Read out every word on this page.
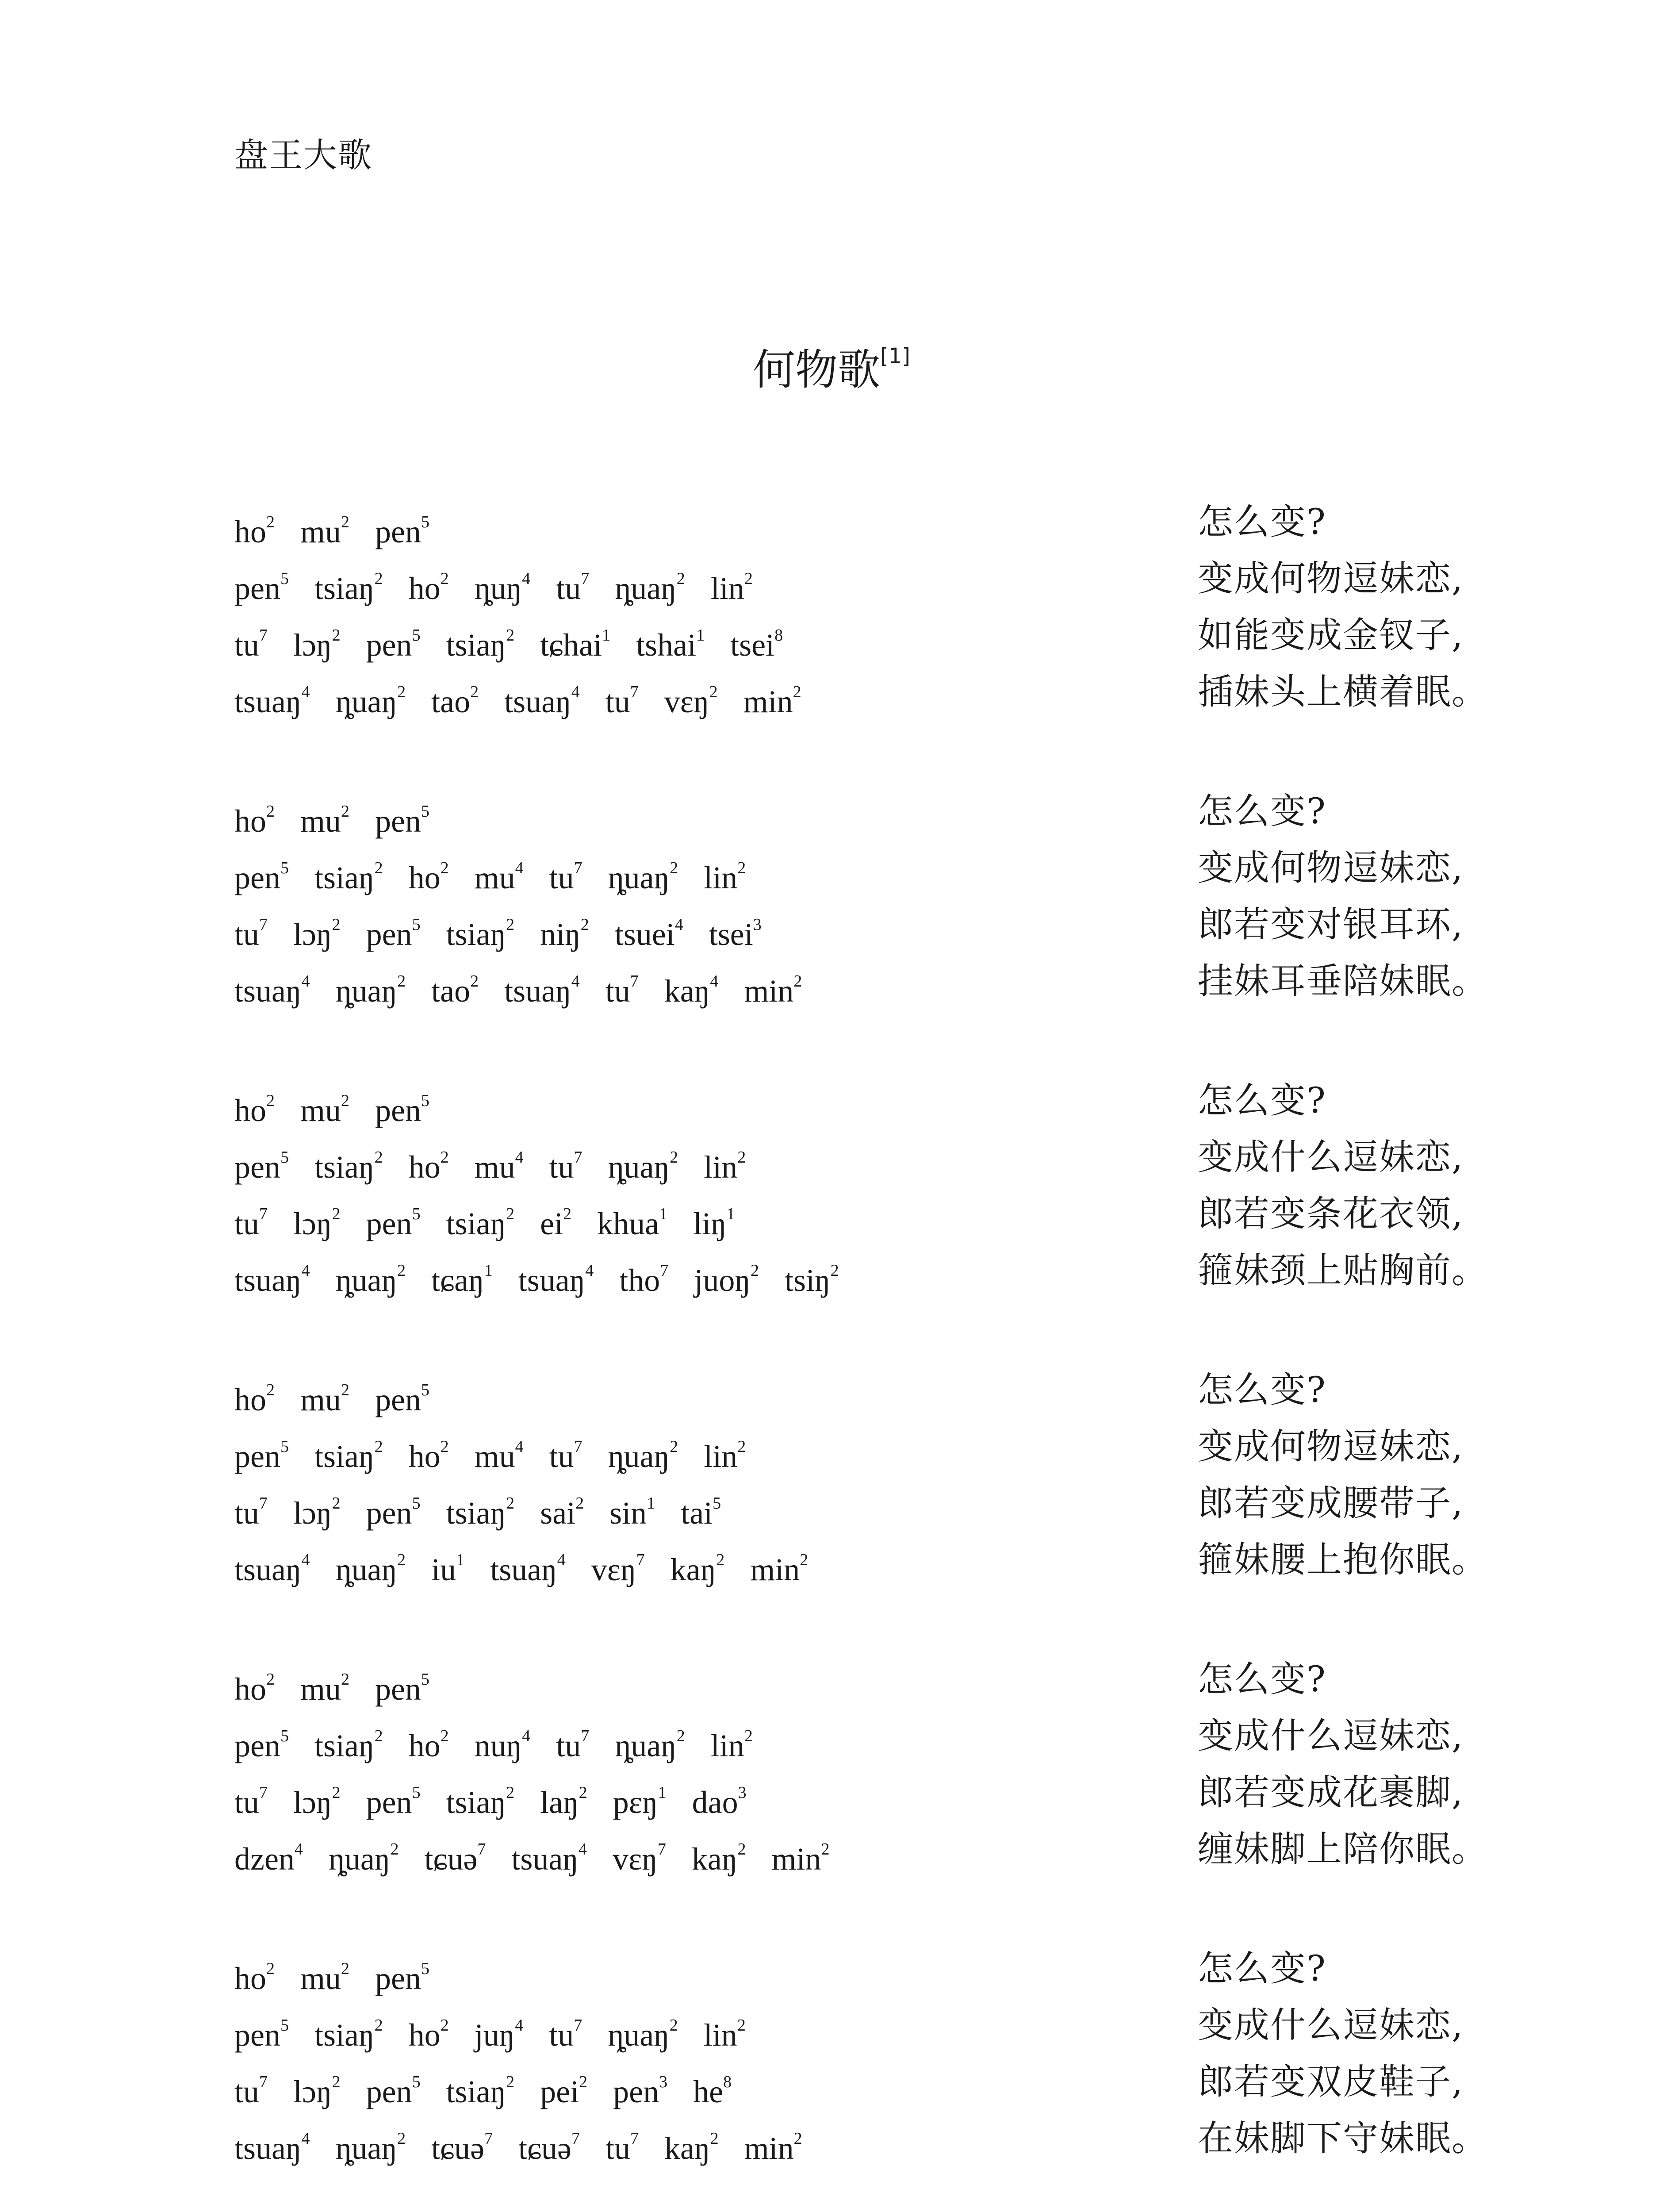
盘王大歌
何物歌[1]
$ho^2$ $mu^2$ pen$^5$	怎么变?
pen$^5$ tsiaŋ$^2$ $ho^2$ ȵuŋ$^4$ $tu^7$ ȵuaŋ$^2$ lin$^2$	变成何物逗妹恋,
$tu^7$ lɔŋ$^2$ pen$^5$ tsiaŋ$^2$ tɕhai$^1$ tshai$^1$ tsei$^8$	如能变成金钗子,
tsuaŋ$^4$ ȵuaŋ$^2$ tao$^2$ tsuaŋ$^4$ $tu^7$ vɛŋ$^2$ $\min^2$	插妹头上横着眠。
$ho^2$ $mu^2$ pen$^5$	怎么变?
pen$^5$ tsiaŋ$^2$ $ho^2$ $mu^4$ $tu^7$ ȵuaŋ$^2$ lin$^2$	变成何物逗妹恋,
$tu^7$ lɔŋ$^2$ pen$^5$ tsiaŋ$^2$ niŋ$^2$ tsuei$^4$ tsei$^3$	郎若变对银耳环,
tsuaŋ$^4$ ȵuaŋ$^2$ tao$^2$ tsuaŋ$^4$ $tu^7$ kaŋ$^4$ $\min^2$	挂妹耳垂陪妹眠。
$ho^2$ $mu^2$ pen$^5$	怎么变?
pen$^5$ tsiaŋ$^2$ $ho^2$ $mu^4$ $tu^7$ ȵuaŋ$^2$ lin$^2$	变成什么逗妹恋,
$tu^7$ lɔŋ$^2$ pen$^5$ tsiaŋ$^2$ $ei^2$ khua$^1$ liŋ$^1$	郎若变条花衣领,
tsuaŋ$^4$ ȵuaŋ$^2$ tɕaŋ$^1$ tsuaŋ$^4$ tho$^7$ juoŋ$^2$ tsiŋ$^2$	箍妹颈上贴胸前。
$ho^2$ $mu^2$ pen$^5$	怎么变?
pen$^5$ tsiaŋ$^2$ $ho^2$ $mu^4$ $tu^7$ ȵuaŋ$^2$ lin$^2$	变成何物逗妹恋,
$tu^7$ lɔŋ$^2$ pen$^5$ tsiaŋ$^2$ sai$^2$ $\sin^1 tai^5$	郎若变成腰带子,
tsuaŋ$^4$ ȵuaŋ$^2$ $iu^1$ tsuaŋ$^4$ vɛŋ$^7$ kaŋ$^2$ $\min^2$	箍妹腰上抱你眠。
$ho^2$ $mu^2$ pen$^5$	怎么变?
pen$^5$ tsiaŋ$^2$ $ho^2$ nuŋ$^4$ $tu^7$ ȵuaŋ$^2$ lin$^2$	变成什么逗妹恋,
$tu^7$ lɔŋ$^2$ pen$^5$ tsiaŋ$^2$ laŋ$^2$ pɛŋ$^1$ dao$^3$	郎若变成花裹脚,
dzen$^4$ ȵuaŋ$^2$ tɕuə$^7$ tsuaŋ$^4$ vɛŋ$^7$ kaŋ$^2$ $\min^2$	缠妹脚上陪你眠。
$ho^2$ $mu^2$ pen$^5$	怎么变?
pen$^5$ tsiaŋ$^2$ $ho^2$ juŋ$^4$ $tu^7$ ȵuaŋ$^2$ lin$^2$	变成什么逗妹恋,
$tu^7$ lɔŋ$^2$ pen$^5$ tsiaŋ$^2$ pei$^2$ pen$^3$ $he^8$	郎若变双皮鞋子,
tsuaŋ$^4$ ȵuaŋ$^2$ tɕuə$^7$ tɕuə$^7$ $tu^7$ kaŋ$^2$ $\min^2$	在妹脚下守妹眠。
